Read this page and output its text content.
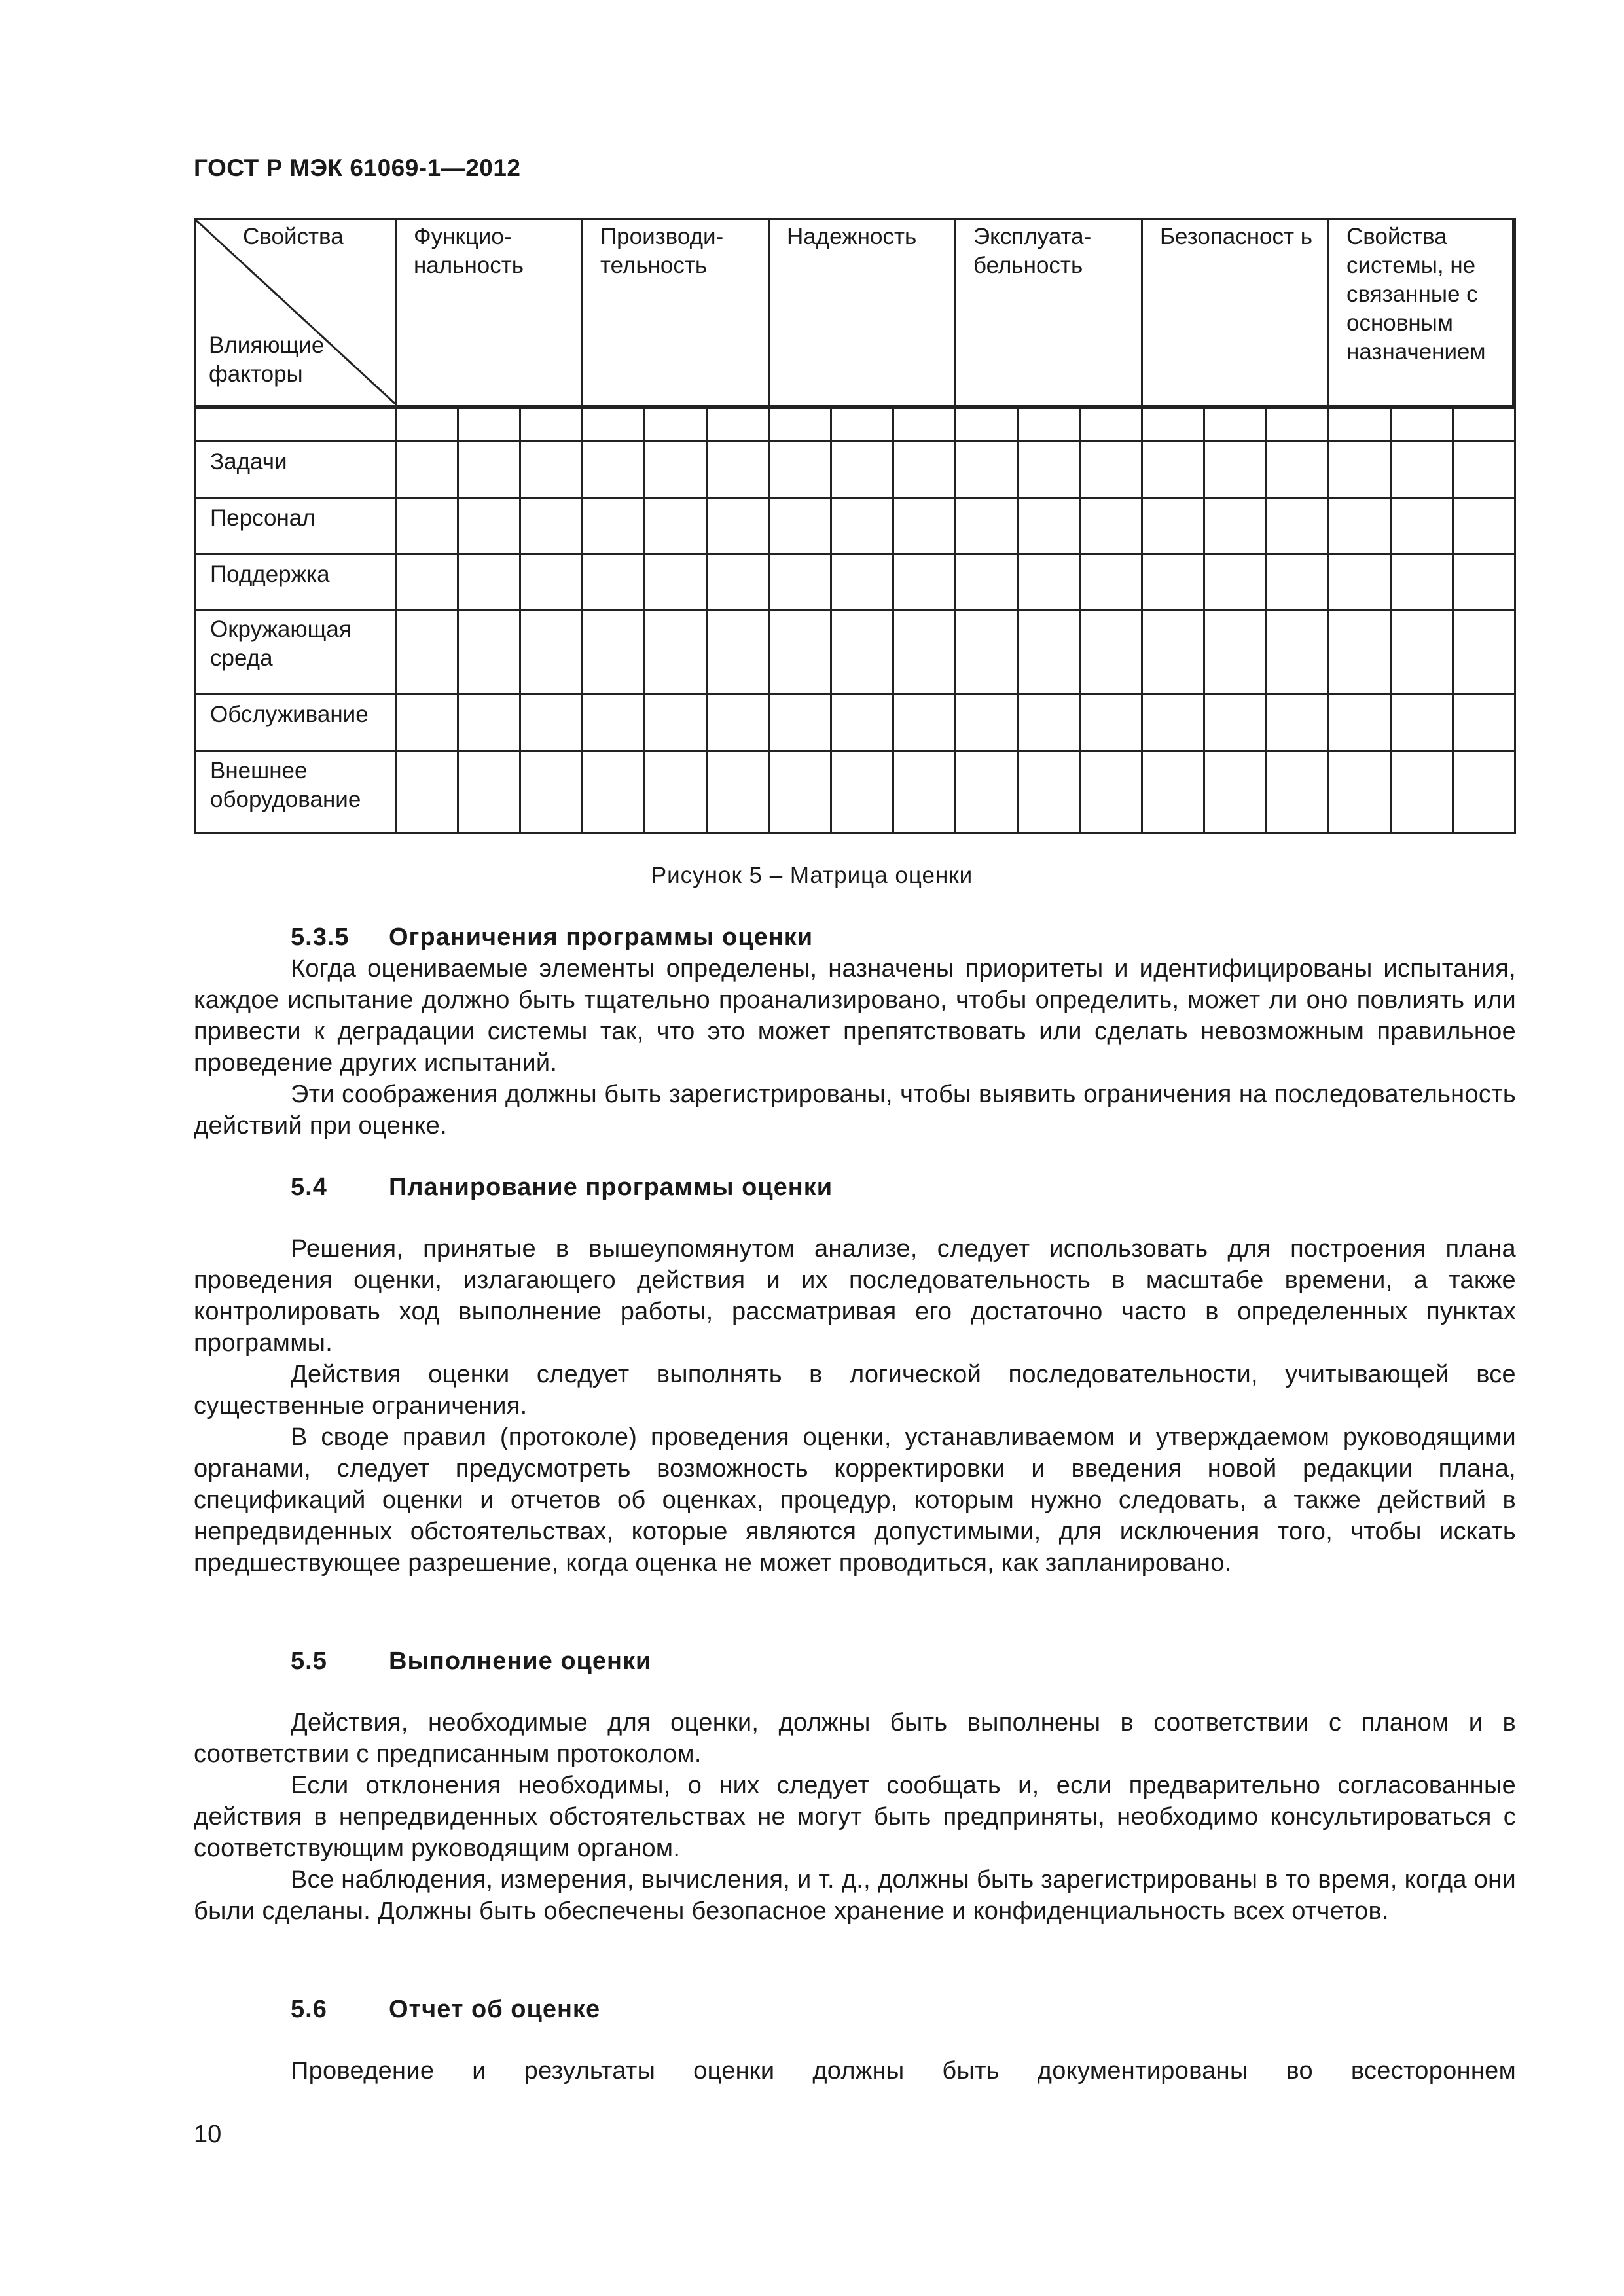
ГОСТ Р МЭК 61069-1—2012
Свойства
Влияющие факторы
Функцио- нальность
Производи- тельность
Надежность	Эксплуата- бельность
Безопасност ь Свойства системы, не связанные с основным назначением
Задачи
Персонал
Поддержка
Окружающая среда
Обслуживание
Внешнее оборудование
Рисунок 5 – Матрица оценки
5.3.5 Ограничения программы оценки

Когда оцениваемые элементы определены, назначены приоритеты и идентифицированы испытания, каждое испытание должно быть тщательно проанализировано, чтобы определить, может ли оно повлиять или привести к деградации системы так, что это может препятствовать или сделать невозможным правильное проведение других испытаний.

Эти соображения должны быть зарегистрированы, чтобы выявить ограничения на последовательность действий при оценке.

5.4 Планирование программы оценки

Решения, принятые в вышеупомянутом анализе, следует использовать для построения плана проведения оценки, излагающего действия и их последовательность в масштабе времени, а также контролировать ход выполнение работы, рассматривая его достаточно часто в определенных пунктах программы.

Действия оценки следует выполнять в логической последовательности, учитывающей все существенные ограничения.

В своде правил (протоколе) проведения оценки, устанавливаемом и утверждаемом руководящими органами, следует предусмотреть возможность корректировки и введения новой редакции плана, спецификаций оценки и отчетов об оценках, процедур, которым нужно следовать, а также действий в непредвиденных обстоятельствах, которые являются допустимыми, для исключения того, чтобы искать предшествующее разрешение, когда оценка не может проводиться, как запланировано.

5.5 Выполнение оценки

Действия, необходимые для оценки, должны быть выполнены в соответствии с планом и в соответствии с предписанным протоколом.

Если отклонения необходимы, о них следует сообщать и, если предварительно согласованные действия в непредвиденных обстоятельствах не могут быть предприняты, необходимо консультироваться с соответствующим руководящим органом.

Все наблюдения, измерения, вычисления, и т. д., должны быть зарегистрированы в то время, когда они были сделаны. Должны быть обеспечены безопасное хранение и конфиденциальность всех отчетов.

5.6 Отчет об оценке

Проведение и результаты оценки должны быть документированы во всестороннем

10
